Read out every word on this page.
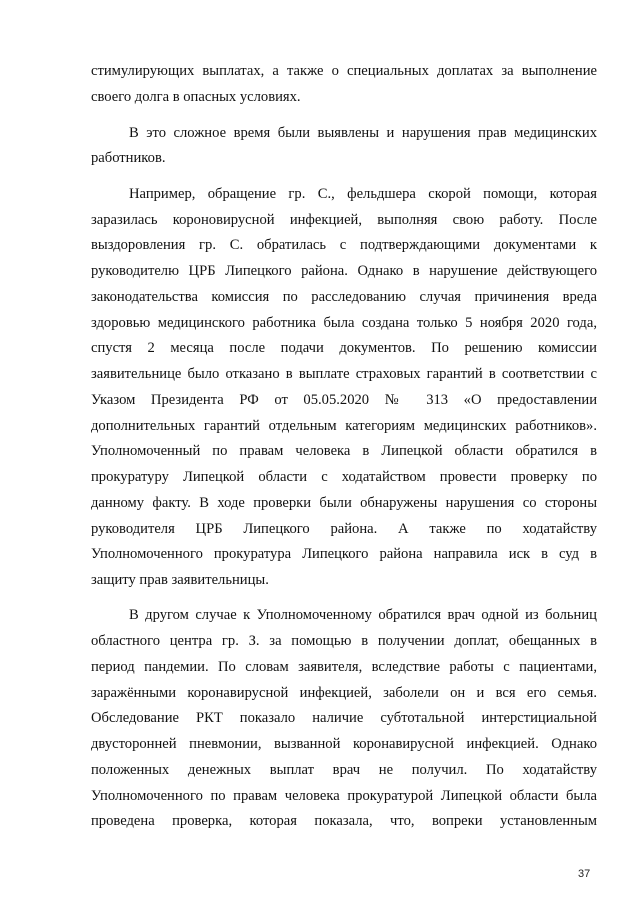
стимулирующих выплатах, а также о специальных доплатах за выполнение
своего долга в опасных условиях.
В это сложное время были выявлены и нарушения прав медицинских
работников.
Например, обращение гр. С., фельдшера скорой помощи, которая
заразилась короновирусной инфекцией, выполняя свою работу. После
выздоровления гр. С. обратилась с подтверждающими документами к
руководителю ЦРБ Липецкого района. Однако в нарушение действующего
законодательства комиссия по расследованию случая причинения вреда
здоровью медицинского работника была создана только 5 ноября 2020 года,
спустя 2 месяца после подачи документов. По решению комиссии
заявительнице было отказано в выплате страховых гарантий в соответствии с
Указом Президента РФ от 05.05.2020 № 313 «О предоставлении
дополнительных гарантий отдельным категориям медицинских работников».
Уполномоченный по правам человека в Липецкой области обратился в
прокуратуру Липецкой области с ходатайством провести проверку по
данному факту. В ходе проверки были обнаружены нарушения со стороны
руководителя ЦРБ Липецкого района. А также по ходатайству
Уполномоченного прокуратура Липецкого района направила иск в суд в
защиту прав заявительницы.
В другом случае к Уполномоченному обратился врач одной из больниц
областного центра гр. З. за помощью в получении доплат, обещанных в
период пандемии. По словам заявителя, вследствие работы с пациентами,
заражёнными коронавирусной инфекцией, заболели он и вся его семья.
Обследование РКТ показало наличие субтотальной интерстициальной
двусторонней пневмонии, вызванной коронавирусной инфекцией. Однако
положенных денежных выплат врач не получил. По ходатайству
Уполномоченного по правам человека прокуратурой Липецкой области была
проведена проверка, которая показала, что, вопреки установленным
37
